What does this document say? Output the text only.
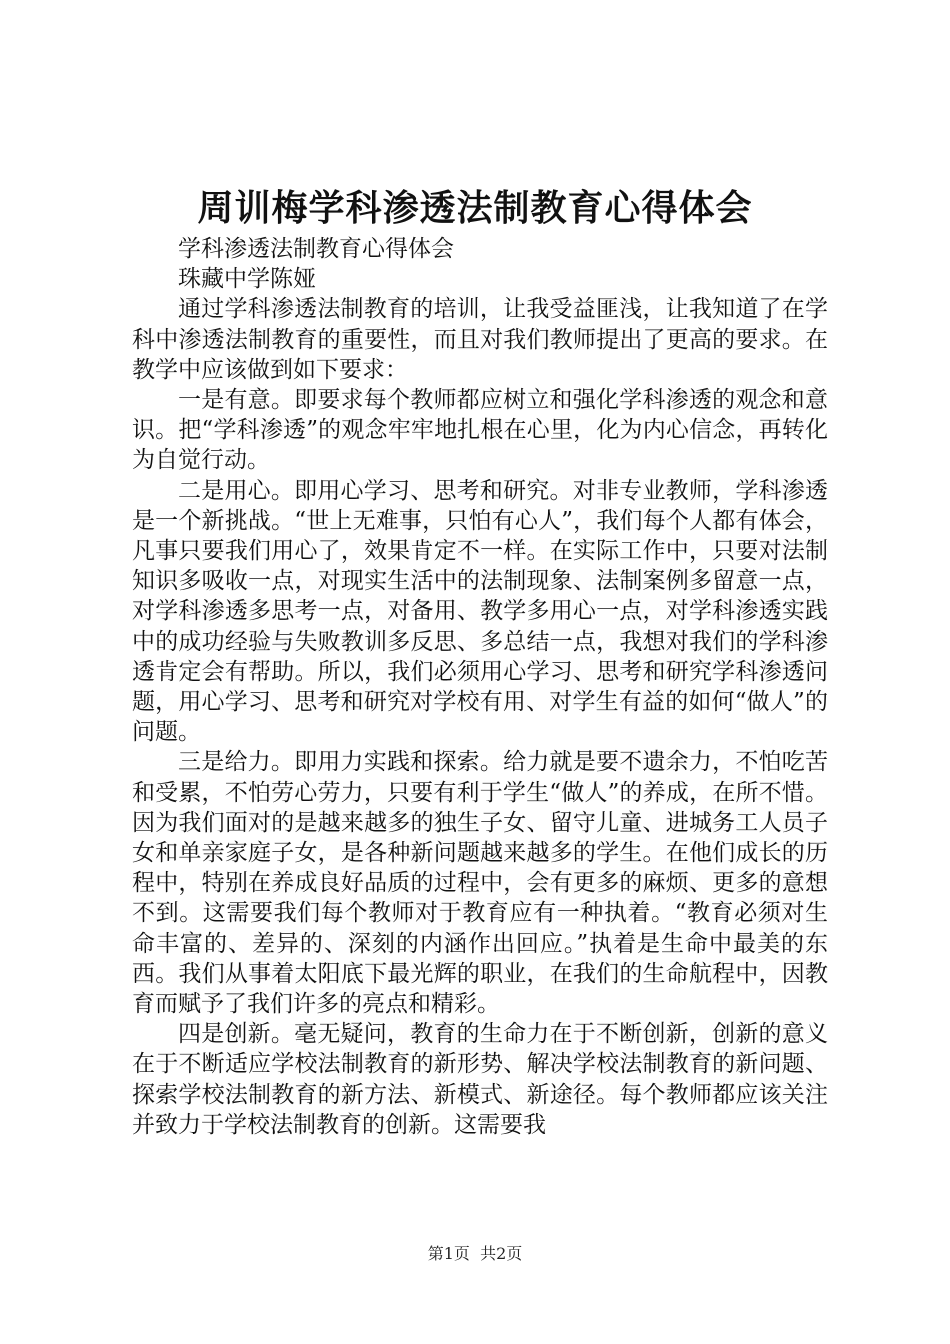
周训梅学科渗透法制教育心得体会

学科渗透法制教育心得体会

珠藏中学陈娅

通过学科渗透法制教育的培训，让我受益匪浅，让我知道了在学科中渗透法制教育的重要性，而且对我们教师提出了更高的要求。在教学中应该做到如下要求：

一是有意。即要求每个教师都应树立和强化学科渗透的观念和意识。把“学科渗透”的观念牢牢地扎根在心里，化为内心信念，再转化为自觉行动。

二是用心。即用心学习、思考和研究。对非专业教师，学科渗透是一个新挑战。“世上无难事，只怕有心人”，我们每个人都有体会，凡事只要我们用心了，效果肯定不一样。在实际工作中，只要对法制知识多吸收一点，对现实生活中的法制现象、法制案例多留意一点，对学科渗透多思考一点，对备用、教学多用心一点，对学科渗透实践中的成功经验与失败教训多反思、多总结一点，我想对我们的学科渗透肯定会有帮助。所以，我们必须用心学习、思考和研究学科渗透问题，用心学习、思考和研究对学校有用、对学生有益的如何“做人”的问题。

三是给力。即用力实践和探索。给力就是要不遗余力，不怕吃苦和受累，不怕劳心劳力，只要有利于学生“做人”的养成，在所不惜。因为我们面对的是越来越多的独生子女、留守儿童、进城务工人员子女和单亲家庭子女，是各种新问题越来越多的学生。在他们成长的历程中，特别在养成良好品质的过程中，会有更多的麻烦、更多的意想不到。这需要我们每个教师对于教育应有一种执着。“教育必须对生命丰富的、差异的、深刻的内涵作出回应。”执着是生命中最美的东西。我们从事着太阳底下最光辉的职业，在我们的生命航程中，因教育而赋予了我们许多的亮点和精彩。

四是创新。毫无疑问，教育的生命力在于不断创新，创新的意义在于不断适应学校法制教育的新形势、解决学校法制教育的新问题、探索学校法制教育的新方法、新模式、新途径。每个教师都应该关注并致力于学校法制教育的创新。这需要我

第1页 共2页
